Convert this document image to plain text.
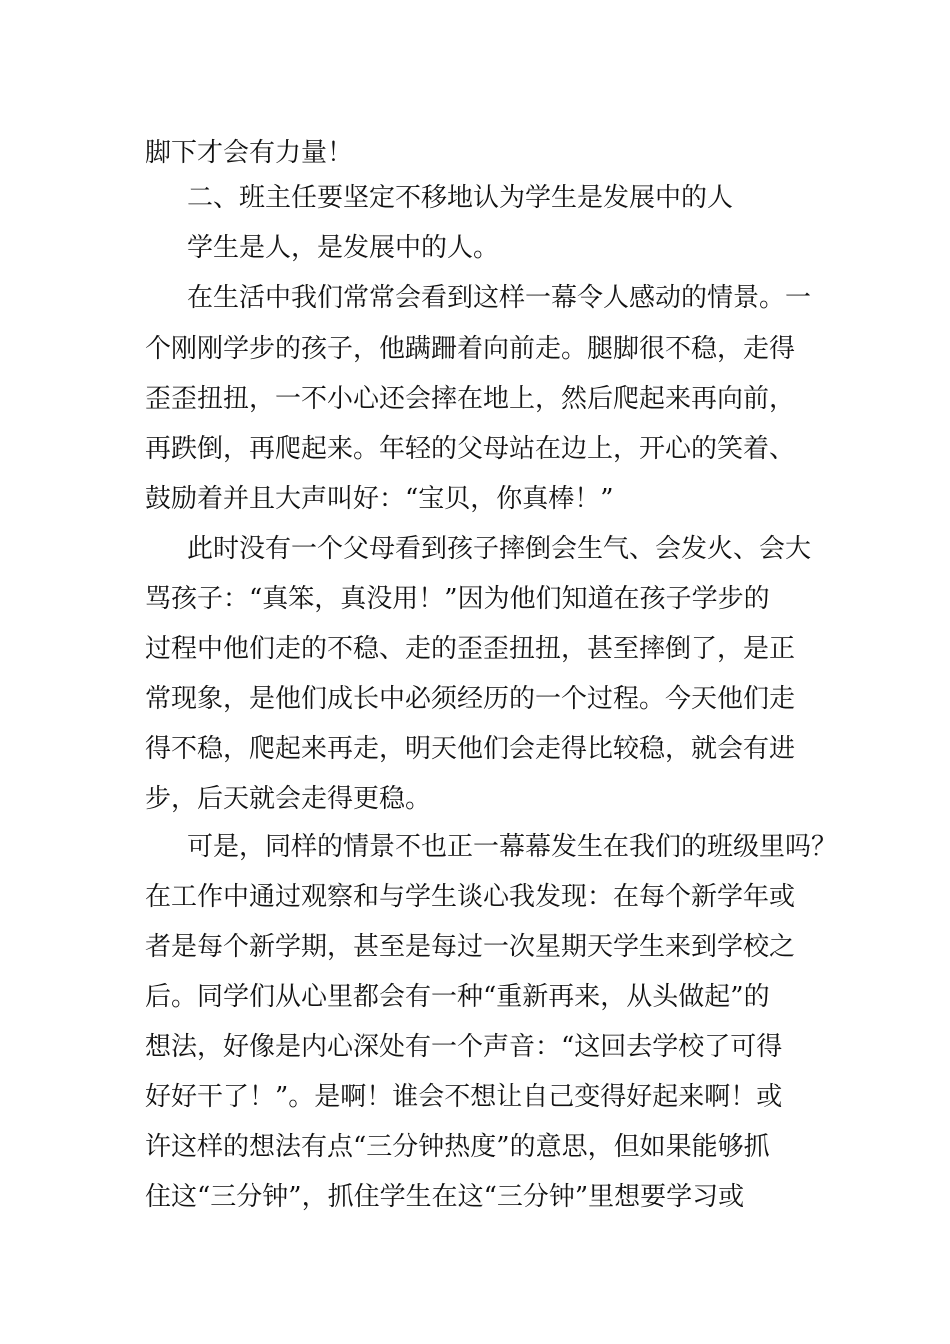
脚下才会有力量！
二、班主任要坚定不移地认为学生是发展中的人
学生是人，是发展中的人。
在生活中我们常常会看到这样一幕令人感动的情景。一
个刚刚学步的孩子，他蹒跚着向前走。腿脚很不稳，走得
歪歪扭扭，一不小心还会摔在地上，然后爬起来再向前，
再跌倒，再爬起来。年轻的父母站在边上，开心的笑着、
鼓励着并且大声叫好：“宝贝，你真棒！”
此时没有一个父母看到孩子摔倒会生气、会发火、会大
骂孩子：“真笨，真没用！”因为他们知道在孩子学步的
过程中他们走的不稳、走的歪歪扭扭，甚至摔倒了，是正
常现象，是他们成长中必须经历的一个过程。今天他们走
得不稳，爬起来再走，明天他们会走得比较稳，就会有进
步，后天就会走得更稳。
可是，同样的情景不也正一幕幕发生在我们的班级里吗？
在工作中通过观察和与学生谈心我发现：在每个新学年或
者是每个新学期，甚至是每过一次星期天学生来到学校之
后。同学们从心里都会有一种“重新再来，从头做起”的
想法，好像是内心深处有一个声音：“这回去学校了可得
好好干了！”。是啊！谁会不想让自己变得好起来啊！或
许这样的想法有点“三分钟热度”的意思，但如果能够抓
住这“三分钟”，抓住学生在这“三分钟”里想要学习或
